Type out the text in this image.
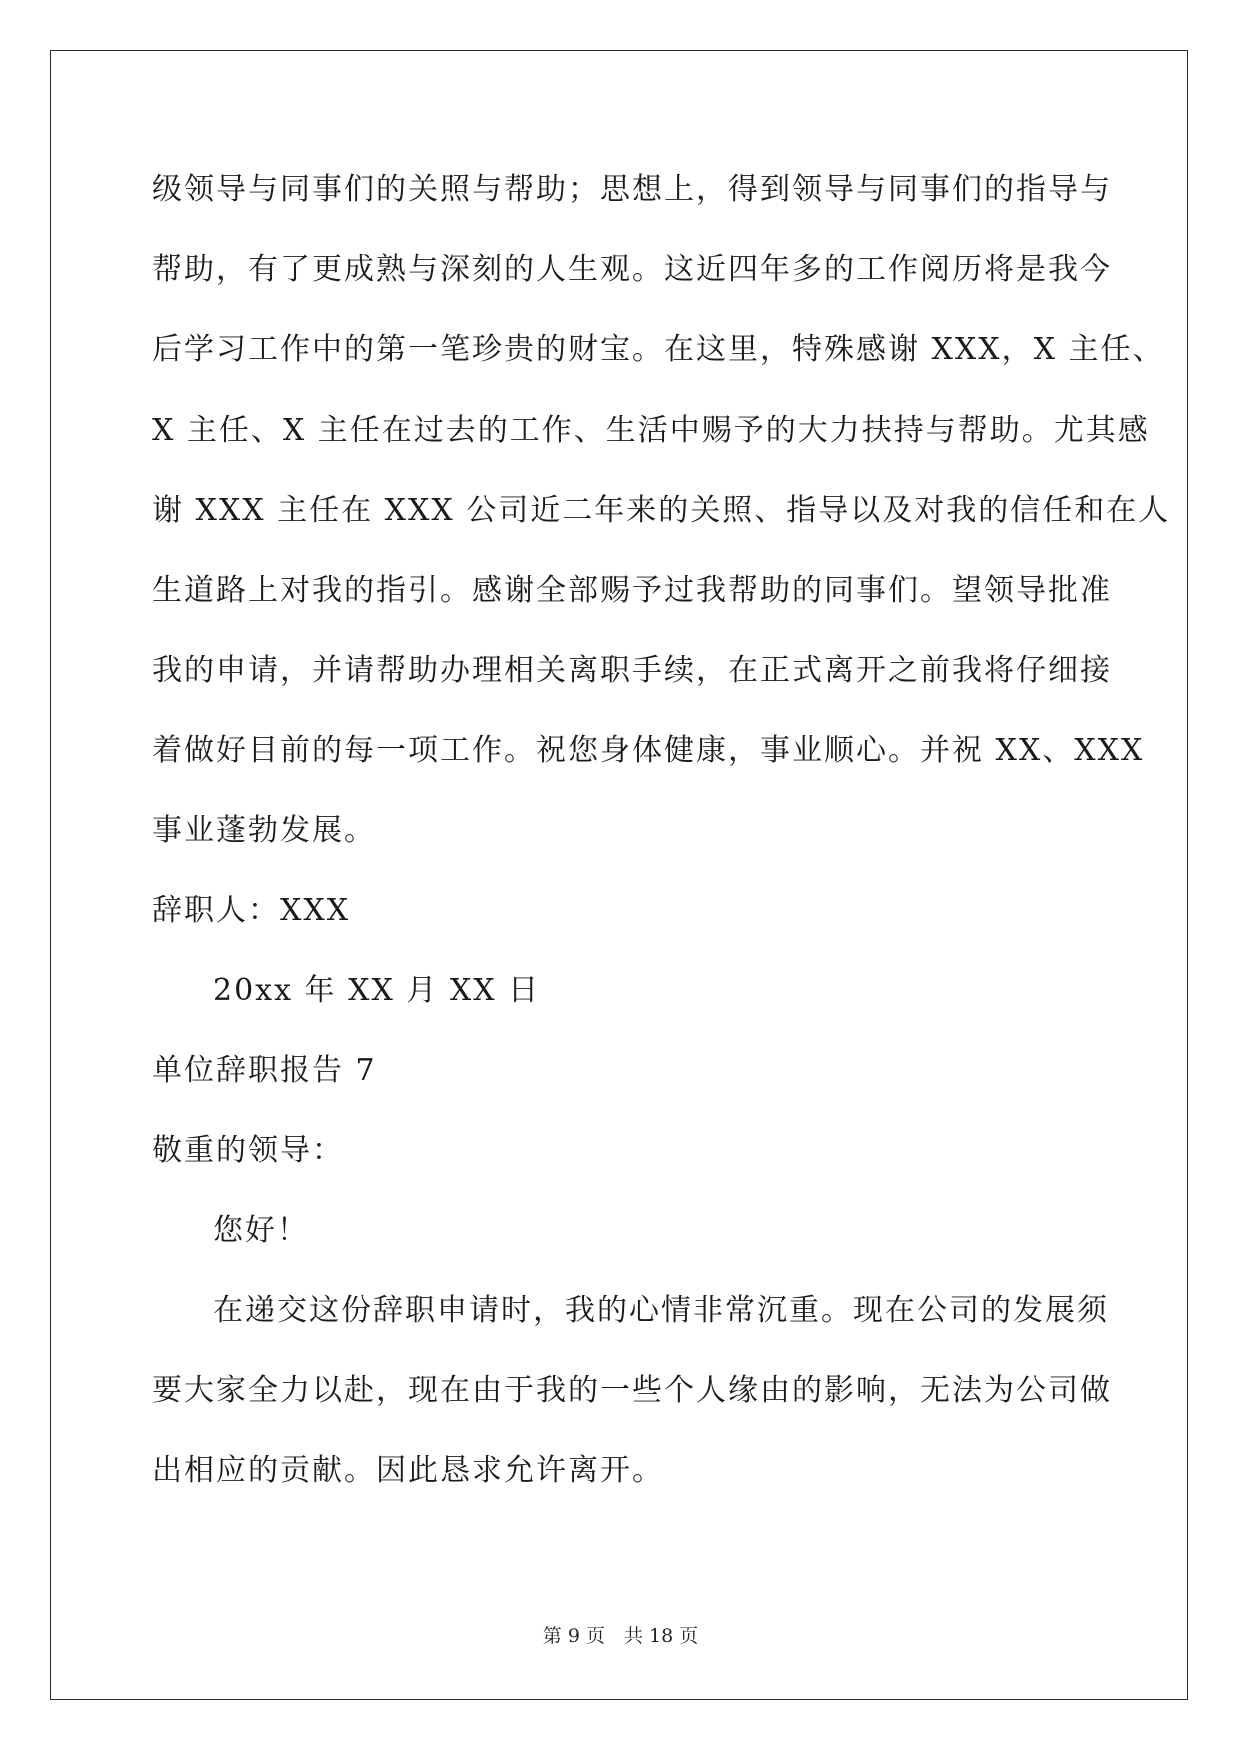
级领导与同事们的关照与帮助；思想上，得到领导与同事们的指导与
帮助，有了更成熟与深刻的人生观。这近四年多的工作阅历将是我今
后学习工作中的第一笔珍贵的财宝。在这里，特殊感谢 XXX，X 主任、
X 主任、X 主任在过去的工作、生活中赐予的大力扶持与帮助。尤其感
谢 XXX 主任在 XXX 公司近二年来的关照、指导以及对我的信任和在人
生道路上对我的指引。感谢全部赐予过我帮助的同事们。望领导批准
我的申请，并请帮助办理相关离职手续，在正式离开之前我将仔细接
着做好目前的每一项工作。祝您身体健康，事业顺心。并祝 XX、XXX
事业蓬勃发展。
辞职人：XXX
20xx 年 XX 月 XX 日
单位辞职报告 7
敬重的领导：
您好！
在递交这份辞职申请时，我的心情非常沉重。现在公司的发展须
要大家全力以赴，现在由于我的一些个人缘由的影响，无法为公司做
出相应的贡献。因此恳求允许离开。
第 9 页　共 18 页
